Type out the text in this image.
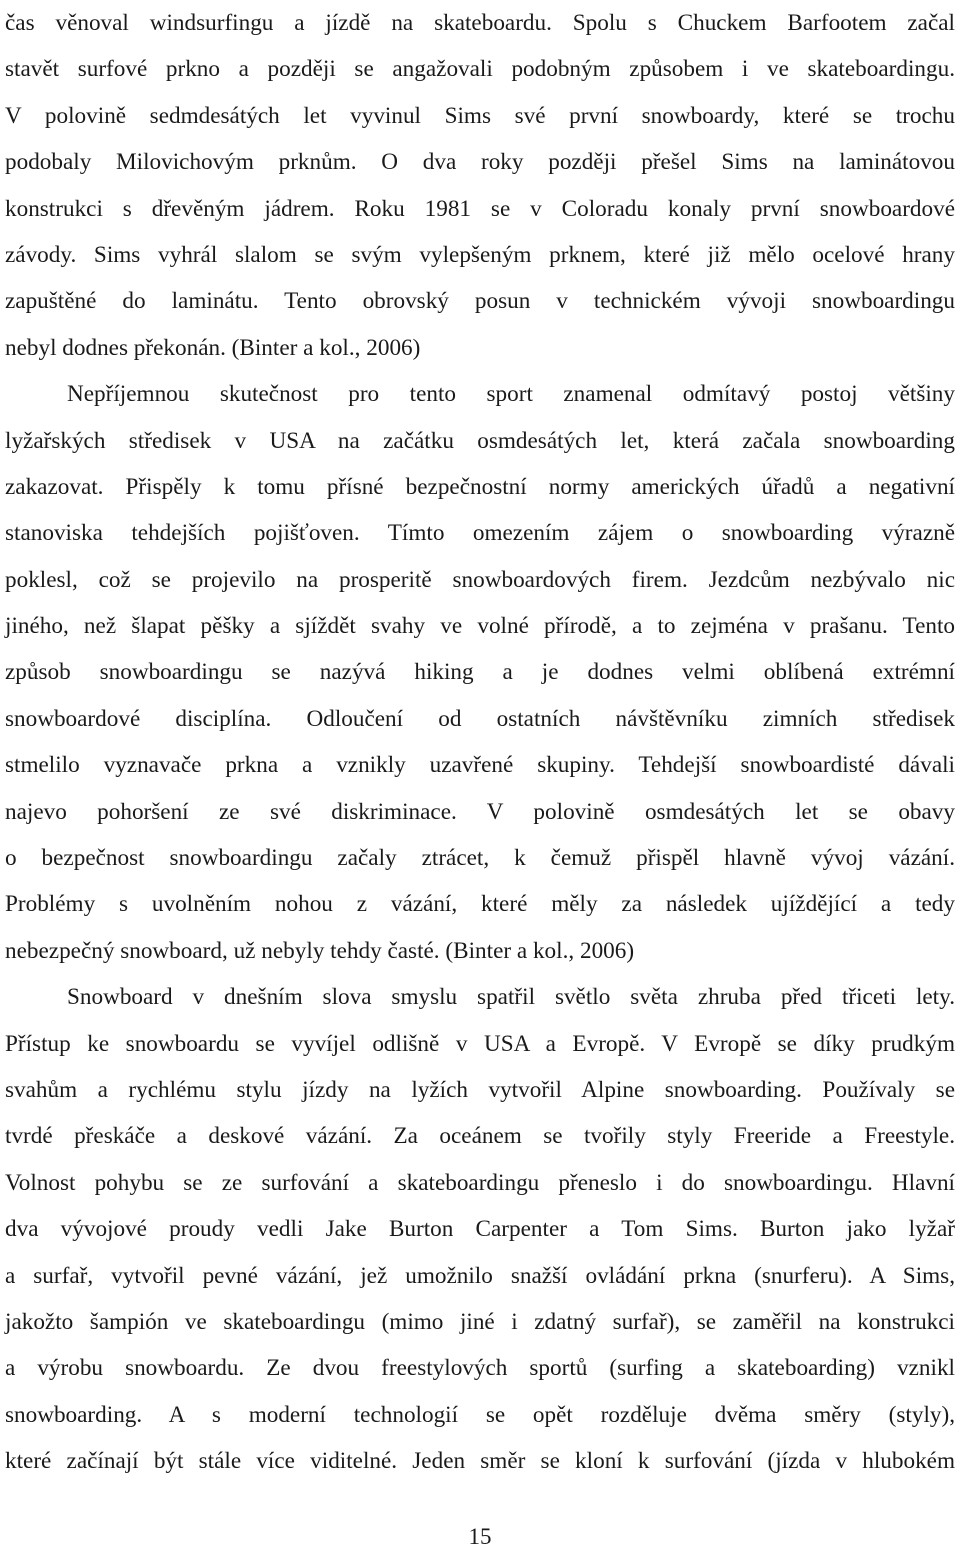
čas věnoval windsurfingu a jízdě na skateboardu. Spolu s Chuckem Barfootem začal
stavět surfové prkno a později se angažovali podobným způsobem i ve skateboardingu.
V polovině sedmdesátých let vyvinul Sims své první snowboardy, které se trochu
podobaly Milovichovým prknům. O dva roky později přešel Sims na laminátovou
konstrukci s dřevěným jádrem. Roku 1981 se v Coloradu konaly první snowboardové
závody. Sims vyhrál slalom se svým vylepšeným prknem, které již mělo ocelové hrany
zapuštěné do laminátu. Tento obrovský posun v technickém vývoji snowboardingu
nebyl dodnes překonán. (Binter a kol., 2006)
Nepříjemnou skutečnost pro tento sport znamenal odmítavý postoj většiny
lyžařských středisek v USA na začátku osmdesátých let, která začala snowboarding
zakazovat. Přispěly k tomu přísné bezpečnostní normy amerických úřadů a negativní
stanoviska tehdejších pojišťoven. Tímto omezením zájem o snowboarding výrazně
poklesl, což se projevilo na prosperitě snowboardových firem. Jezdcům nezbývalo nic
jiného, než šlapat pěšky a sjíždět svahy ve volné přírodě, a to zejména v prašanu. Tento
způsob snowboardingu se nazývá hiking a je dodnes velmi oblíbená extrémní
snowboardové disciplína. Odloučení od ostatních návštěvníku zimních středisek
stmelilo vyznavače prkna a vznikly uzavřené skupiny. Tehdejší snowboardisté dávali
najevo pohoršení ze své diskriminace. V polovině osmdesátých let se obavy
o bezpečnost snowboardingu začaly ztrácet, k čemuž přispěl hlavně vývoj vázání.
Problémy s uvolněním nohou z vázání, které měly za následek ujíždějící a tedy
nebezpečný snowboard, už nebyly tehdy časté. (Binter a kol., 2006)
Snowboard v dnešním slova smyslu spatřil světlo světa zhruba před třiceti lety.
Přístup ke snowboardu se vyvíjel odlišně v USA a Evropě. V Evropě se díky prudkým
svahům a rychlému stylu jízdy na lyžích vytvořil Alpine snowboarding. Používaly se
tvrdé přeskáče a deskové vázání. Za oceánem se tvořily styly Freeride a Freestyle.
Volnost pohybu se ze surfování a skateboardingu přeneslo i do snowboardingu. Hlavní
dva vývojové proudy vedli Jake Burton Carpenter a Tom Sims. Burton jako lyžař
a surfař, vytvořil pevné vázání, jež umožnilo snažší ovládání prkna (snurferu). A Sims,
jakožto šampión ve skateboardingu (mimo jiné i zdatný surfař), se zaměřil na konstrukci
a výrobu snowboardu. Ze dvou freestylových sportů (surfing a skateboarding) vznikl
snowboarding. A s moderní technologií se opět rozděluje dvěma směry (styly),
které začínají být stále více viditelné. Jeden směr se kloní k surfování (jízda v hlubokém
15
